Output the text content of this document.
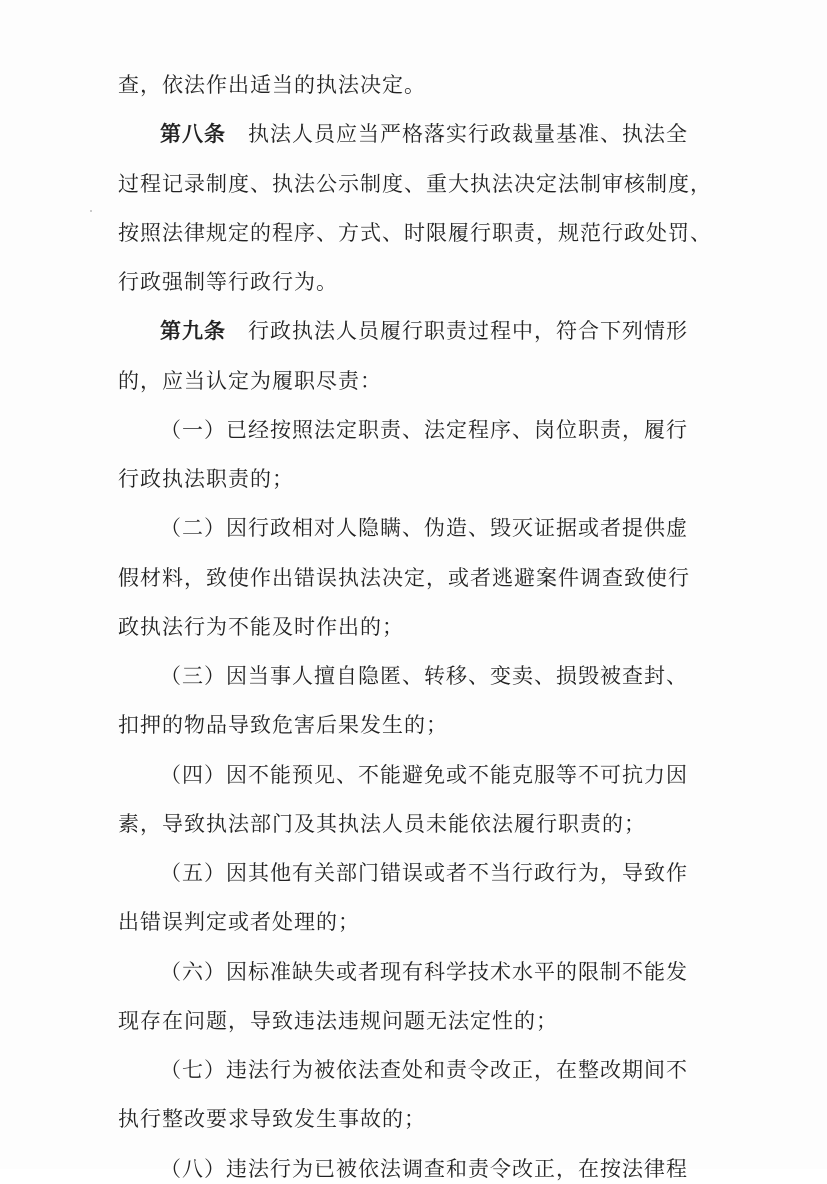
查，依法作出适当的执法决定。
第八条　执法人员应当严格落实行政裁量基准、执法全
过程记录制度、执法公示制度、重大执法决定法制审核制度，
按照法律规定的程序、方式、时限履行职责，规范行政处罚、
行政强制等行政行为。
第九条　行政执法人员履行职责过程中，符合下列情形
的，应当认定为履职尽责：
（一）已经按照法定职责、法定程序、岗位职责，履行
行政执法职责的；
（二）因行政相对人隐瞒、伪造、毁灭证据或者提供虚
假材料，致使作出错误执法决定，或者逃避案件调查致使行
政执法行为不能及时作出的；
（三）因当事人擅自隐匿、转移、变卖、损毁被查封、
扣押的物品导致危害后果发生的；
（四）因不能预见、不能避免或不能克服等不可抗力因
素，导致执法部门及其执法人员未能依法履行职责的；
（五）因其他有关部门错误或者不当行政行为，导致作
出错误判定或者处理的；
（六）因标准缺失或者现有科学技术水平的限制不能发
现存在问题，导致违法违规问题无法定性的；
（七）违法行为被依法查处和责令改正，在整改期间不
执行整改要求导致发生事故的；
（八）违法行为已被依法调查和责令改正，在按法律程
